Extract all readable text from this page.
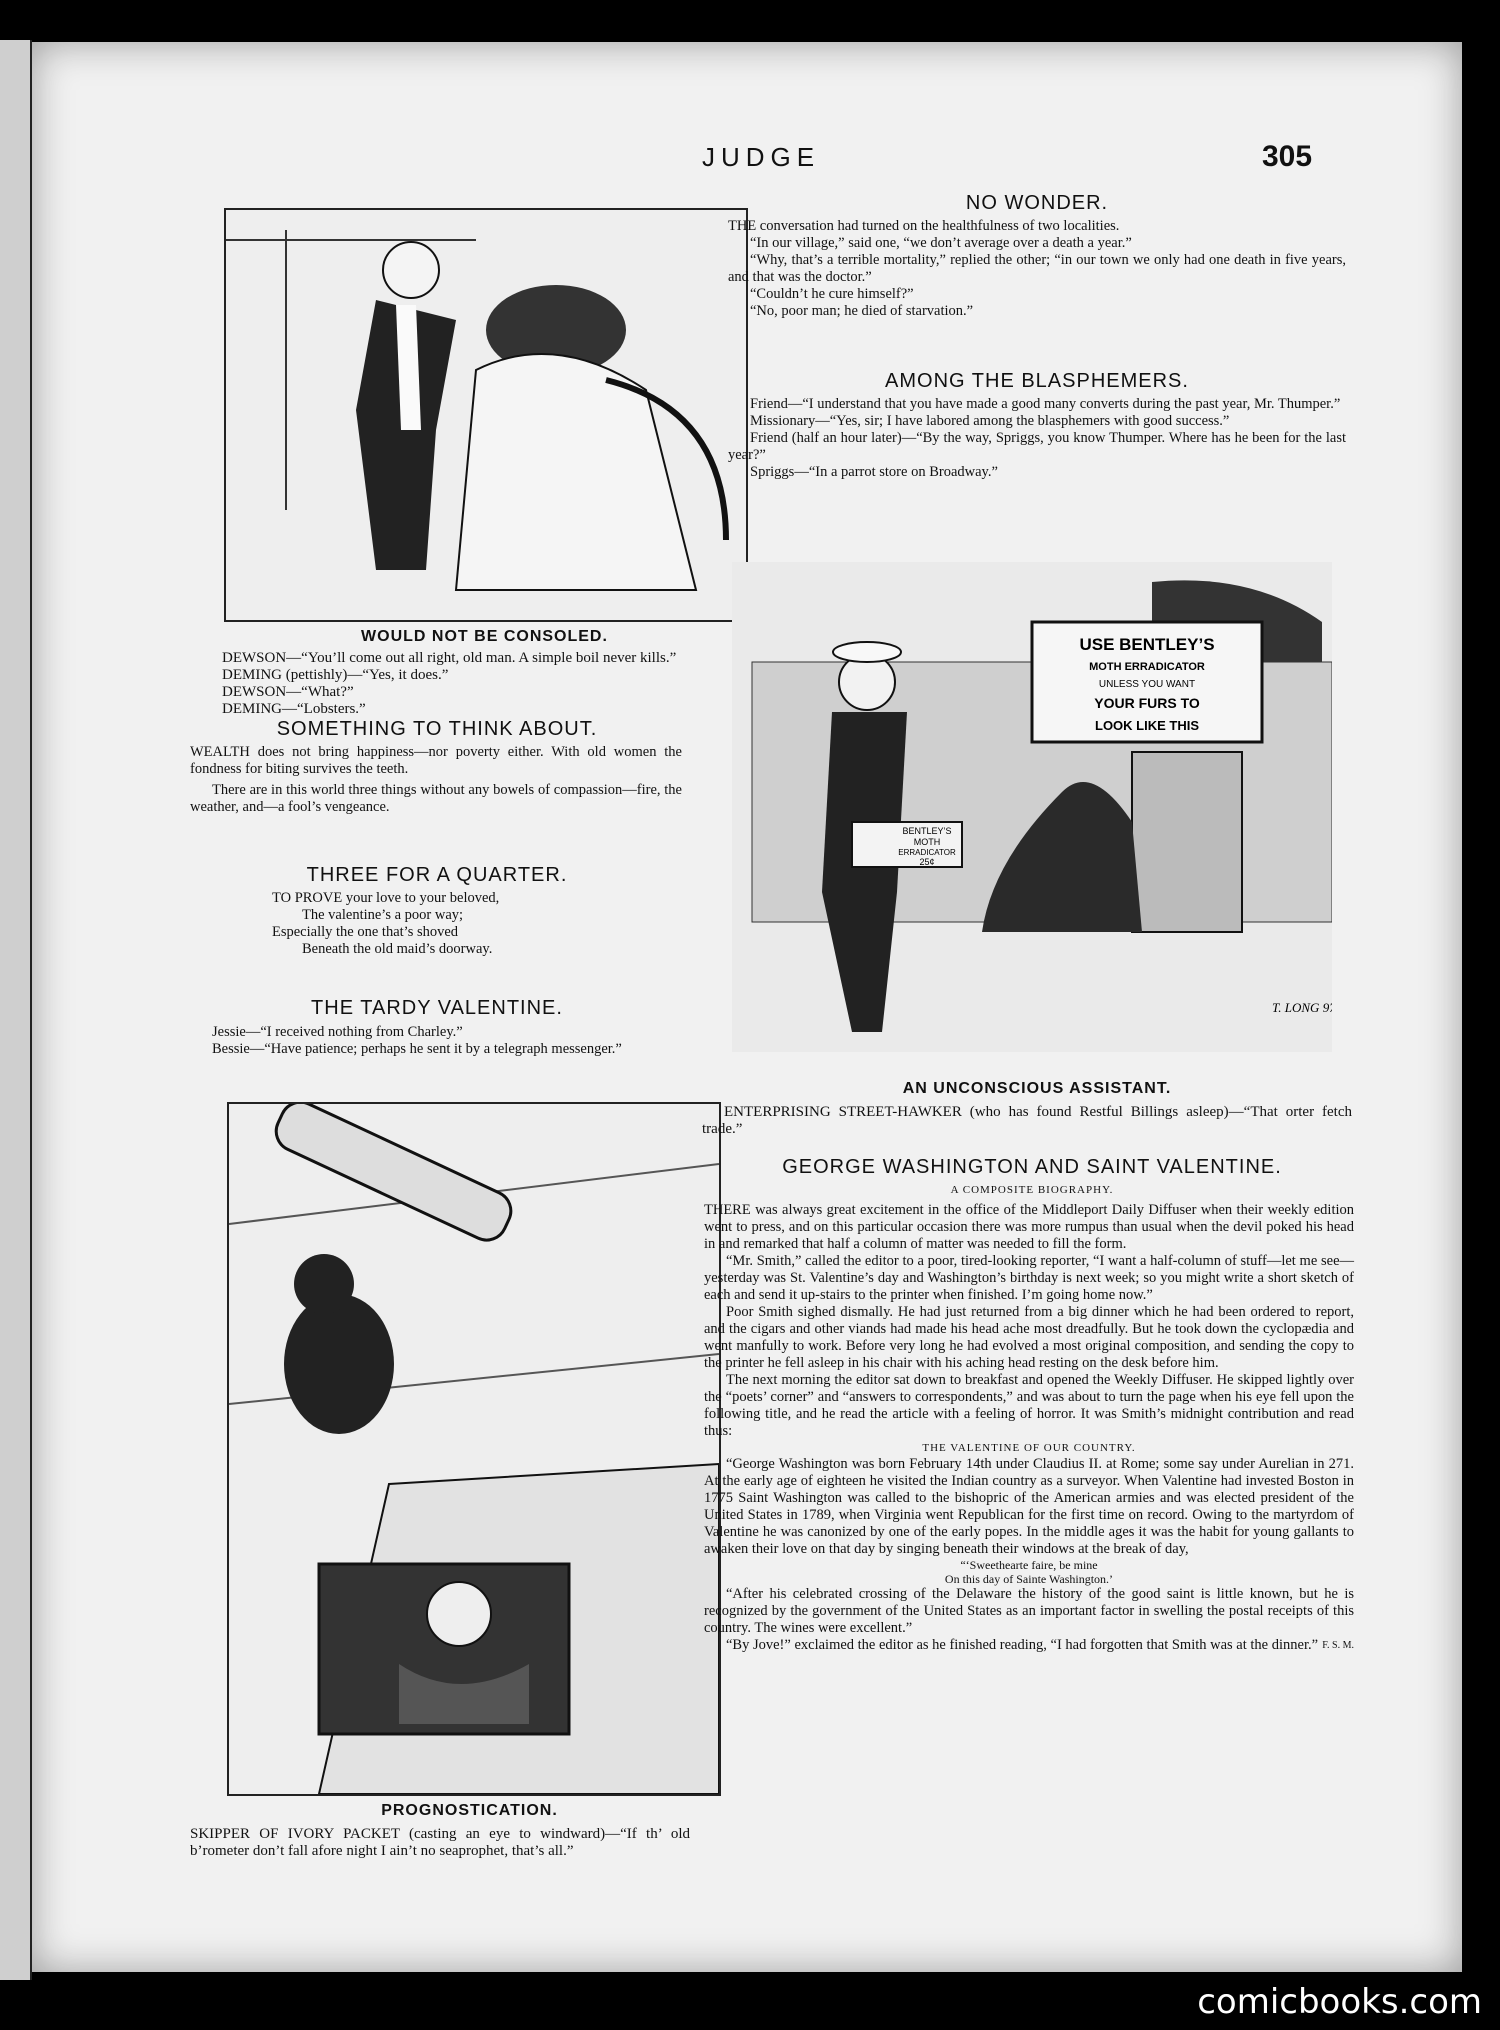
JUDGE	305
WOULD NOT BE CONSOLED.
DEWSON—“You’ll come out all right, old man. A simple boil never kills.”
DEMING (pettishly)—“Yes, it does.”
DEWSON—“What?”
DEMING—“Lobsters.”
SOMETHING TO THINK ABOUT.

WEALTH does not bring happiness—nor poverty either. With old women the fondness for biting survives the teeth.

There are in this world three things without any bowels of compassion—fire, the weather, and—a fool’s vengeance.

THREE FOR A QUARTER.
TO PROVE your love to your beloved,
The valentine’s a poor way;
Especially the one that’s shoved
Beneath the old maid’s doorway.
THE TARDY VALENTINE.

Jessie—“I received nothing from Charley.”

Bessie—“Have patience; perhaps he sent it by a telegraph messenger.”

PROGNOSTICATION.

SKIPPER OF IVORY PACKET (casting an eye to windward)—“If th’ old b’rometer don’t fall afore night I ain’t no seaprophet, that’s all.”

NO WONDER.

THE conversation had turned on the healthfulness of two localities.

“In our village,” said one, “we don’t average over a death a year.”

“Why, that’s a terrible mortality,” replied the other; “in our town we only had one death in five years, and that was the doctor.”

“Couldn’t he cure himself?”

“No, poor man; he died of starvation.”

AMONG THE BLASPHEMERS.

Friend—“I understand that you have made a good many converts during the past year, Mr. Thumper.”

Missionary—“Yes, sir; I have labored among the blasphemers with good success.”

Friend (half an hour later)—“By the way, Spriggs, you know Thumper. Where has he been for the last year?”

Spriggs—“In a parrot store on Broadway.”

USE BENTLEY’S
MOTH ERRADICATOR
UNLESS YOU WANT
YOUR FURS TO
LOOK LIKE THIS
BENTLEY’S
MOTH
ERRADICATOR
25¢
T. LONG 97
AN UNCONSCIOUS ASSISTANT.

ENTERPRISING STREET-HAWKER (who has found Restful Billings asleep)—“That orter fetch trade.”

GEORGE WASHINGTON AND SAINT VALENTINE.
A COMPOSITE BIOGRAPHY.

THERE was always great excitement in the office of the Middleport Daily Diffuser when their weekly edition went to press, and on this particular occasion there was more rumpus than usual when the devil poked his head in and remarked that half a column of matter was needed to fill the form.

“Mr. Smith,” called the editor to a poor, tired-looking reporter, “I want a half-column of stuff—let me see—yesterday was St. Valentine’s day and Washington’s birthday is next week; so you might write a short sketch of each and send it up-stairs to the printer when finished. I’m going home now.”

Poor Smith sighed dismally. He had just returned from a big dinner which he had been ordered to report, and the cigars and other viands had made his head ache most dreadfully. But he took down the cyclopædia and went manfully to work. Before very long he had evolved a most original composition, and sending the copy to the printer he fell asleep in his chair with his aching head resting on the desk before him.

The next morning the editor sat down to breakfast and opened the Weekly Diffuser. He skipped lightly over the “poets’ corner” and “answers to correspondents,” and was about to turn the page when his eye fell upon the following title, and he read the article with a feeling of horror. It was Smith’s midnight contribution and read thus:

THE VALENTINE OF OUR COUNTRY.

“George Washington was born February 14th under Claudius II. at Rome; some say under Aurelian in 271. At the early age of eighteen he visited the Indian country as a surveyor. When Valentine had invested Boston in 1775 Saint Washington was called to the bishopric of the American armies and was elected president of the United States in 1789, when Virginia went Republican for the first time on record. Owing to the martyrdom of Valentine he was canonized by one of the early popes. In the middle ages it was the habit for young gallants to awaken their love on that day by singing beneath their windows at the break of day,

“‘Sweethearte faire, be mine
On this day of Sainte Washington.’

“After his celebrated crossing of the Delaware the history of the good saint is little known, but he is recognized by the government of the United States as an important factor in swelling the postal receipts of this country. The wines were excellent.”

“By Jove!” exclaimed the editor as he finished reading, “I had forgotten that Smith was at the dinner.” F. S. M.
comicbooks.com
